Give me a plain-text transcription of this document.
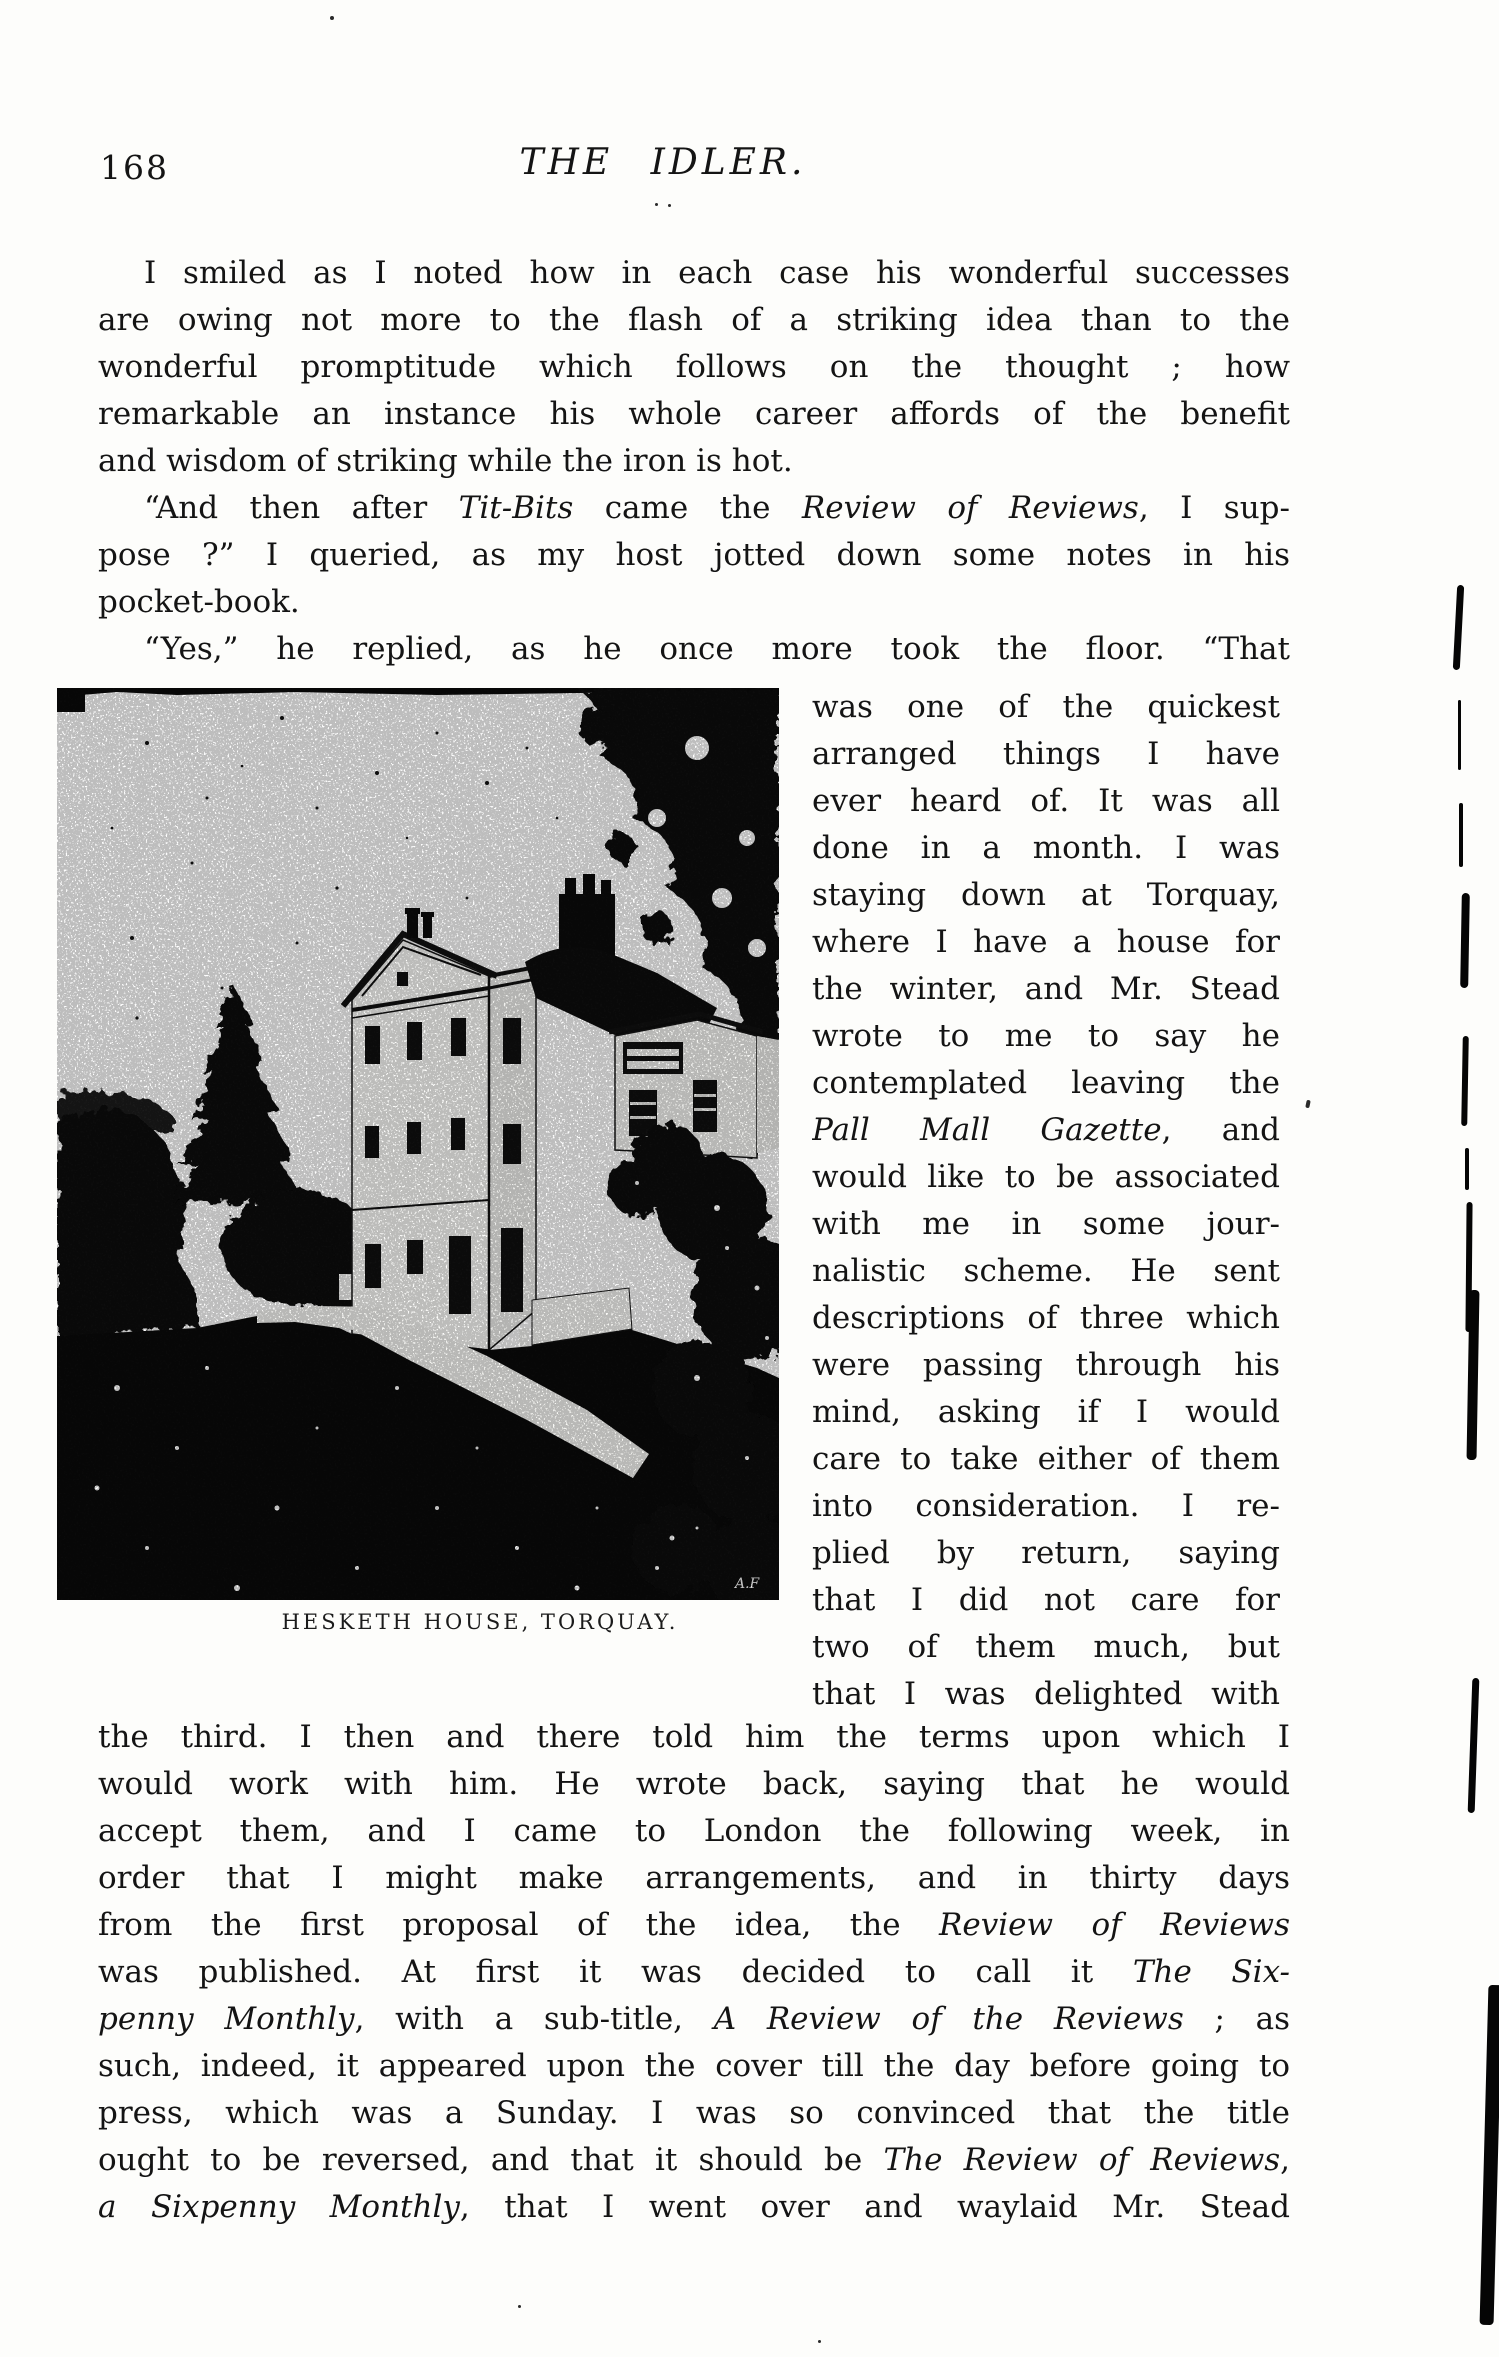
168	THE IDLER.
I smiled as I noted how in each case his wonderful successes
are owing not more to the flash of a striking idea than to the
wonderful promptitude which follows on the thought ; how
remarkable an instance his whole career affords of the benefit
and wisdom of striking while the iron is hot.
“And then after Tit-Bits came the Review of Reviews, I sup-
pose ?” I queried, as my host jotted down some notes in his
pocket-book.
“Yes,” he replied, as he once more took the floor. “That
A.F
HESKETH HOUSE, TORQUAY.
was one of the quickest
arranged things I have
ever heard of. It was all
done in a month. I was
staying down at Torquay,
where I have a house for
the winter, and Mr. Stead
wrote to me to say he
contemplated leaving the
Pall Mall Gazette, and
would like to be associated
with me in some jour-
nalistic scheme. He sent
descriptions of three which
were passing through his
mind, asking if I would
care to take either of them
into consideration. I re-
plied by return, saying
that I did not care for
two of them much, but
that I was delighted with
the third. I then and there told him the terms upon which I
would work with him. He wrote back, saying that he would
accept them, and I came to London the following week, in
order that I might make arrangements, and in thirty days
from the first proposal of the idea, the Review of Reviews
was published. At first it was decided to call it The Six-
penny Monthly, with a sub-title, A Review of the Reviews ; as
such, indeed, it appeared upon the cover till the day before going to
press, which was a Sunday. I was so convinced that the title
ought to be reversed, and that it should be The Review of Reviews,
a Sixpenny Monthly, that I went over and waylaid Mr. Stead
